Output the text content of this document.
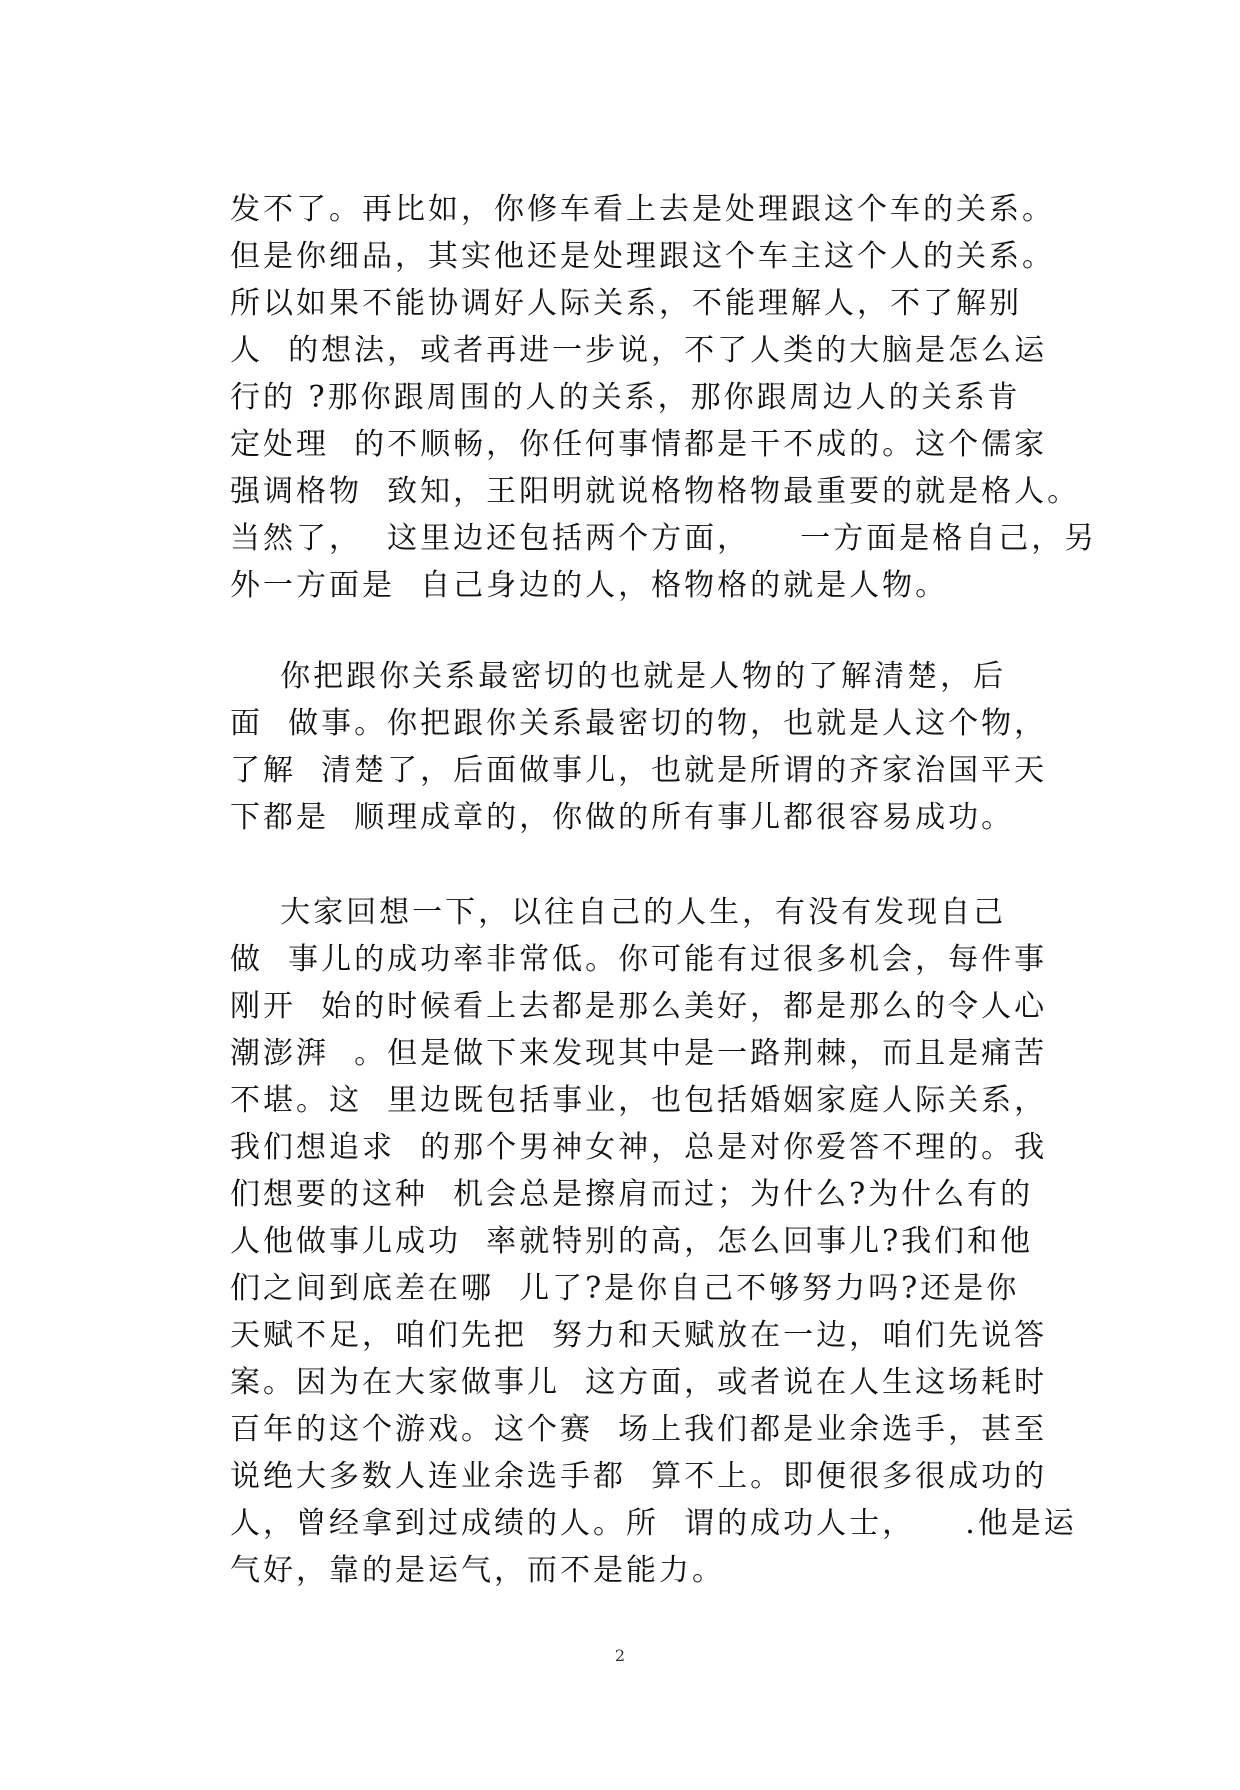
发不了。再比如，你修车看上去是处理跟这个车的关系。
但是你细品，其实他还是处理跟这个车主这个人的关系。
所以如果不能协调好人际关系，不能理解人，不了解别
人  的想法，或者再进一步说，不了人类的大脑是怎么运
行的 ?那你跟周围的人的关系，那你跟周边人的关系肯
定处理  的不顺畅，你任何事情都是干不成的。这个儒家
强调格物  致知，王阳明就说格物格物最重要的就是格人。
当然了，  这里边还包括两个方面，    一方面是格自己，另
外一方面是  自己身边的人，格物格的就是人物。
你把跟你关系最密切的也就是人物的了解清楚，后
面  做事。你把跟你关系最密切的物，也就是人这个物，
了解  清楚了，后面做事儿，也就是所谓的齐家治国平天
下都是  顺理成章的，你做的所有事儿都很容易成功。
大家回想一下，以往自己的人生，有没有发现自己
做  事儿的成功率非常低。你可能有过很多机会，每件事
刚开  始的时候看上去都是那么美好，都是那么的令人心
潮澎湃  。但是做下来发现其中是一路荆棘，而且是痛苦
不堪。这  里边既包括事业，也包括婚姻家庭人际关系，
我们想追求  的那个男神女神，总是对你爱答不理的。我
们想要的这种  机会总是擦肩而过；为什么?为什么有的
人他做事儿成功  率就特别的高，怎么回事儿?我们和他
们之间到底差在哪  儿了?是你自己不够努力吗?还是你
天赋不足，咱们先把  努力和天赋放在一边，咱们先说答
案。因为在大家做事儿  这方面，或者说在人生这场耗时
百年的这个游戏。这个赛  场上我们都是业余选手，甚至
说绝大多数人连业余选手都  算不上。即便很多很成功的
人，曾经拿到过成绩的人。所  谓的成功人士，    .他是运
气好，靠的是运气，而不是能力。
2
